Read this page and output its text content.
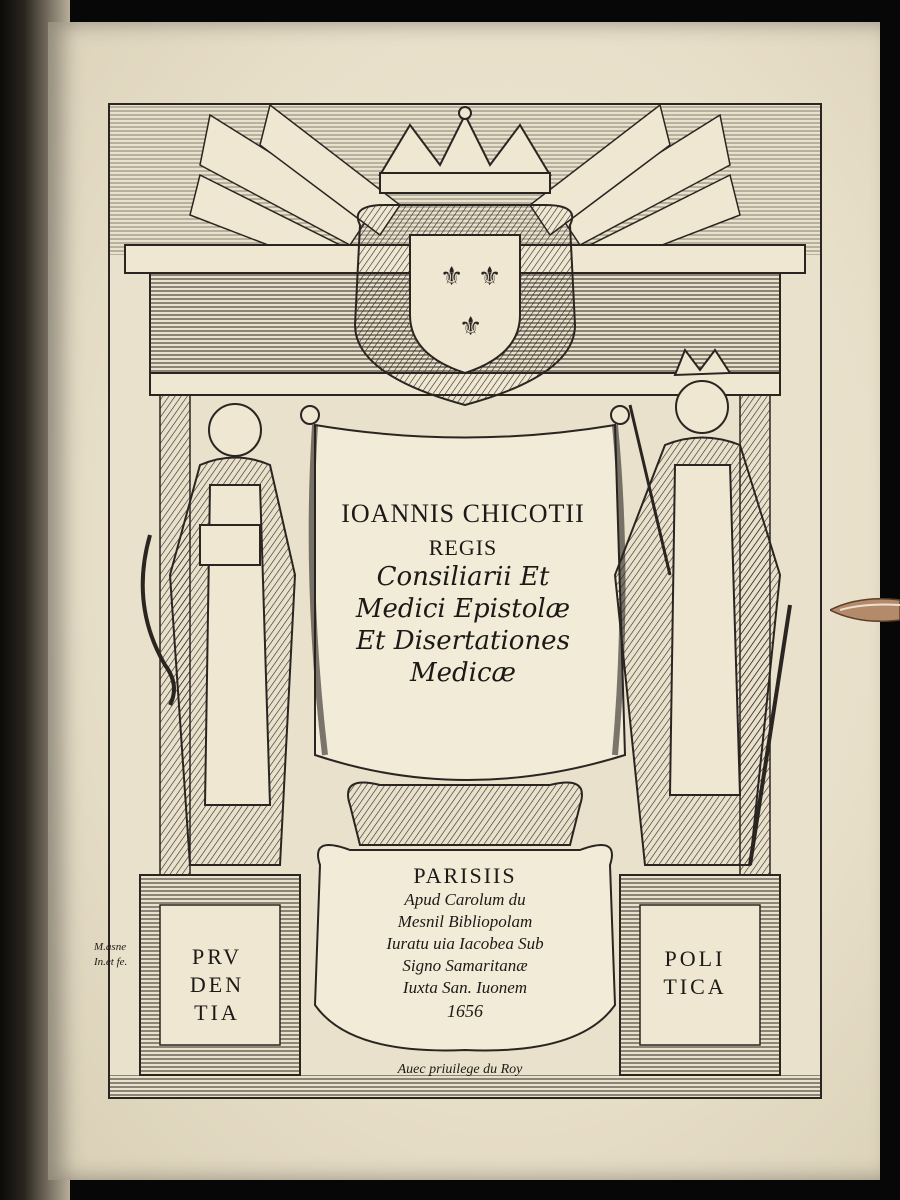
⚜ ⚜
⚜
IOANNIS CHICOTII
REGIS
Consiliarii Et
Medici Epistolæ
Et Disertationes
Medicæ
PARISIIS
Apud Carolum du
Mesnil Bibliopolam
Iuratu uia Iacobea Sub
Signo Samaritanæ
Iuxta San. Iuonem
1656
PRV
DEN
TIA
POLI
TICA
Auec priuilege du Roy
M.asne
In.et fe.
